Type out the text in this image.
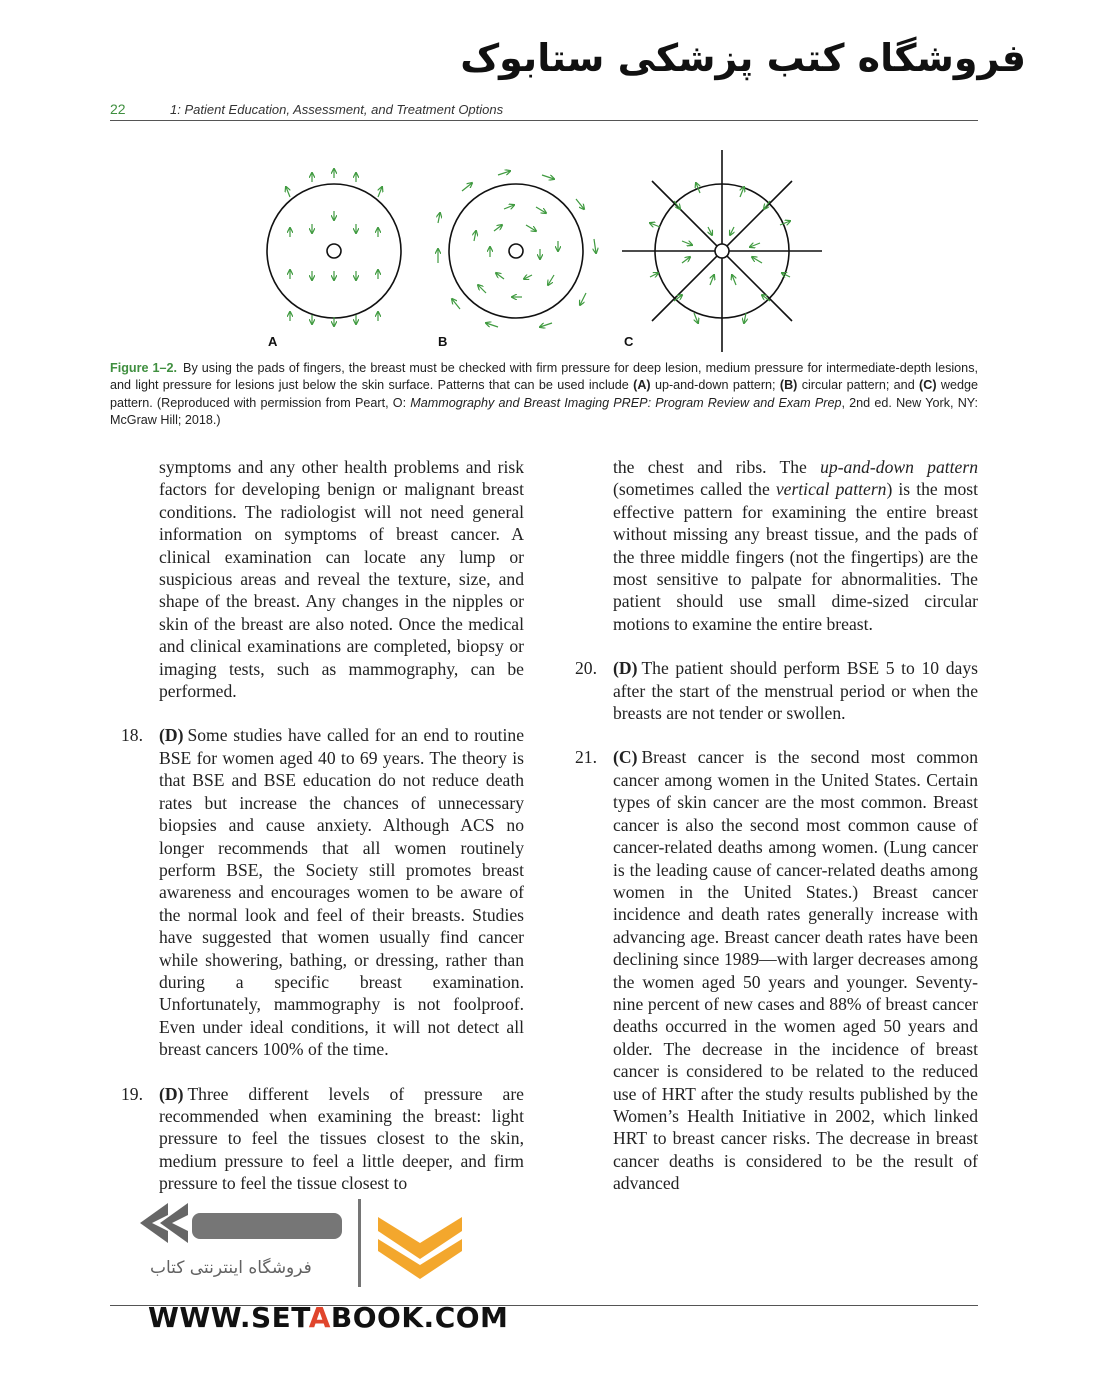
فروشگاه کتب پزشکی ستابوک
22	1: Patient Education, Assessment, and Treatment Options
A	B	C
Figure 1–2. By using the pads of fingers, the breast must be checked with firm pressure for deep lesion, medium pressure for intermediate-depth lesions, and light pressure for lesions just below the skin surface. Patterns that can be used include (A) up-and-down pattern; (B) circular pattern; and (C) wedge pattern. (Reproduced with permission from Peart, O: Mammography and Breast Imaging PREP: Program Review and Exam Prep, 2nd ed. New York, NY: McGraw Hill; 2018.)

symptoms and any other health problems and risk factors for developing benign or malignant breast conditions. The radiologist will not need general information on symptoms of breast cancer. A clinical examination can locate any lump or suspicious areas and reveal the texture, size, and shape of the breast. Any changes in the nipples or skin of the breast are also noted. Once the medical and clinical examinations are completed, biopsy or imaging tests, such as mammography, can be performed.

18. (D) Some studies have called for an end to routine BSE for women aged 40 to 69 years. The theory is that BSE and BSE education do not reduce death rates but increase the chances of unnecessary biopsies and cause anxiety. Although ACS no longer recommends that all women routinely perform BSE, the Society still promotes breast awareness and encourages women to be aware of the normal look and feel of their breasts. Studies have suggested that women usually find cancer while showering, bathing, or dressing, rather than during a specific breast examination. Unfortunately, mammography is not foolproof. Even under ideal conditions, it will not detect all breast cancers 100% of the time.

19. (D) Three different levels of pressure are recommended when examining the breast: light pressure to feel the tissues closest to the skin, medium pressure to feel a little deeper, and firm pressure to feel the tissue closest to

the chest and ribs. The up-and-down pattern (sometimes called the vertical pattern) is the most effective pattern for examining the entire breast without missing any breast tissue, and the pads of the three middle fingers (not the fingertips) are the most sensitive to palpate for abnormalities. The patient should use small dime-sized circular motions to examine the entire breast.

20. (D) The patient should perform BSE 5 to 10 days after the start of the menstrual period or when the breasts are not tender or swollen.

21. (C) Breast cancer is the second most common cancer among women in the United States. Certain types of skin cancer are the most common. Breast cancer is also the second most common cause of cancer-related deaths among women. (Lung cancer is the leading cause of cancer-related deaths among women in the United States.) Breast cancer incidence and death rates generally increase with advancing age. Breast cancer death rates have been declining since 1989—with larger decreases among the women aged 50 years and younger. Seventy-nine percent of new cases and 88% of breast cancer deaths occurred in the women aged 50 years and older. The decrease in the incidence of breast cancer is considered to be related to the reduced use of HRT after the study results published by the Women’s Health Initiative in 2002, which linked HRT to breast cancer risks. The decrease in breast cancer deaths is considered to be the result of advanced

فروشگاه اینترنتی کتاب
WWW.SETABOOK.COM
